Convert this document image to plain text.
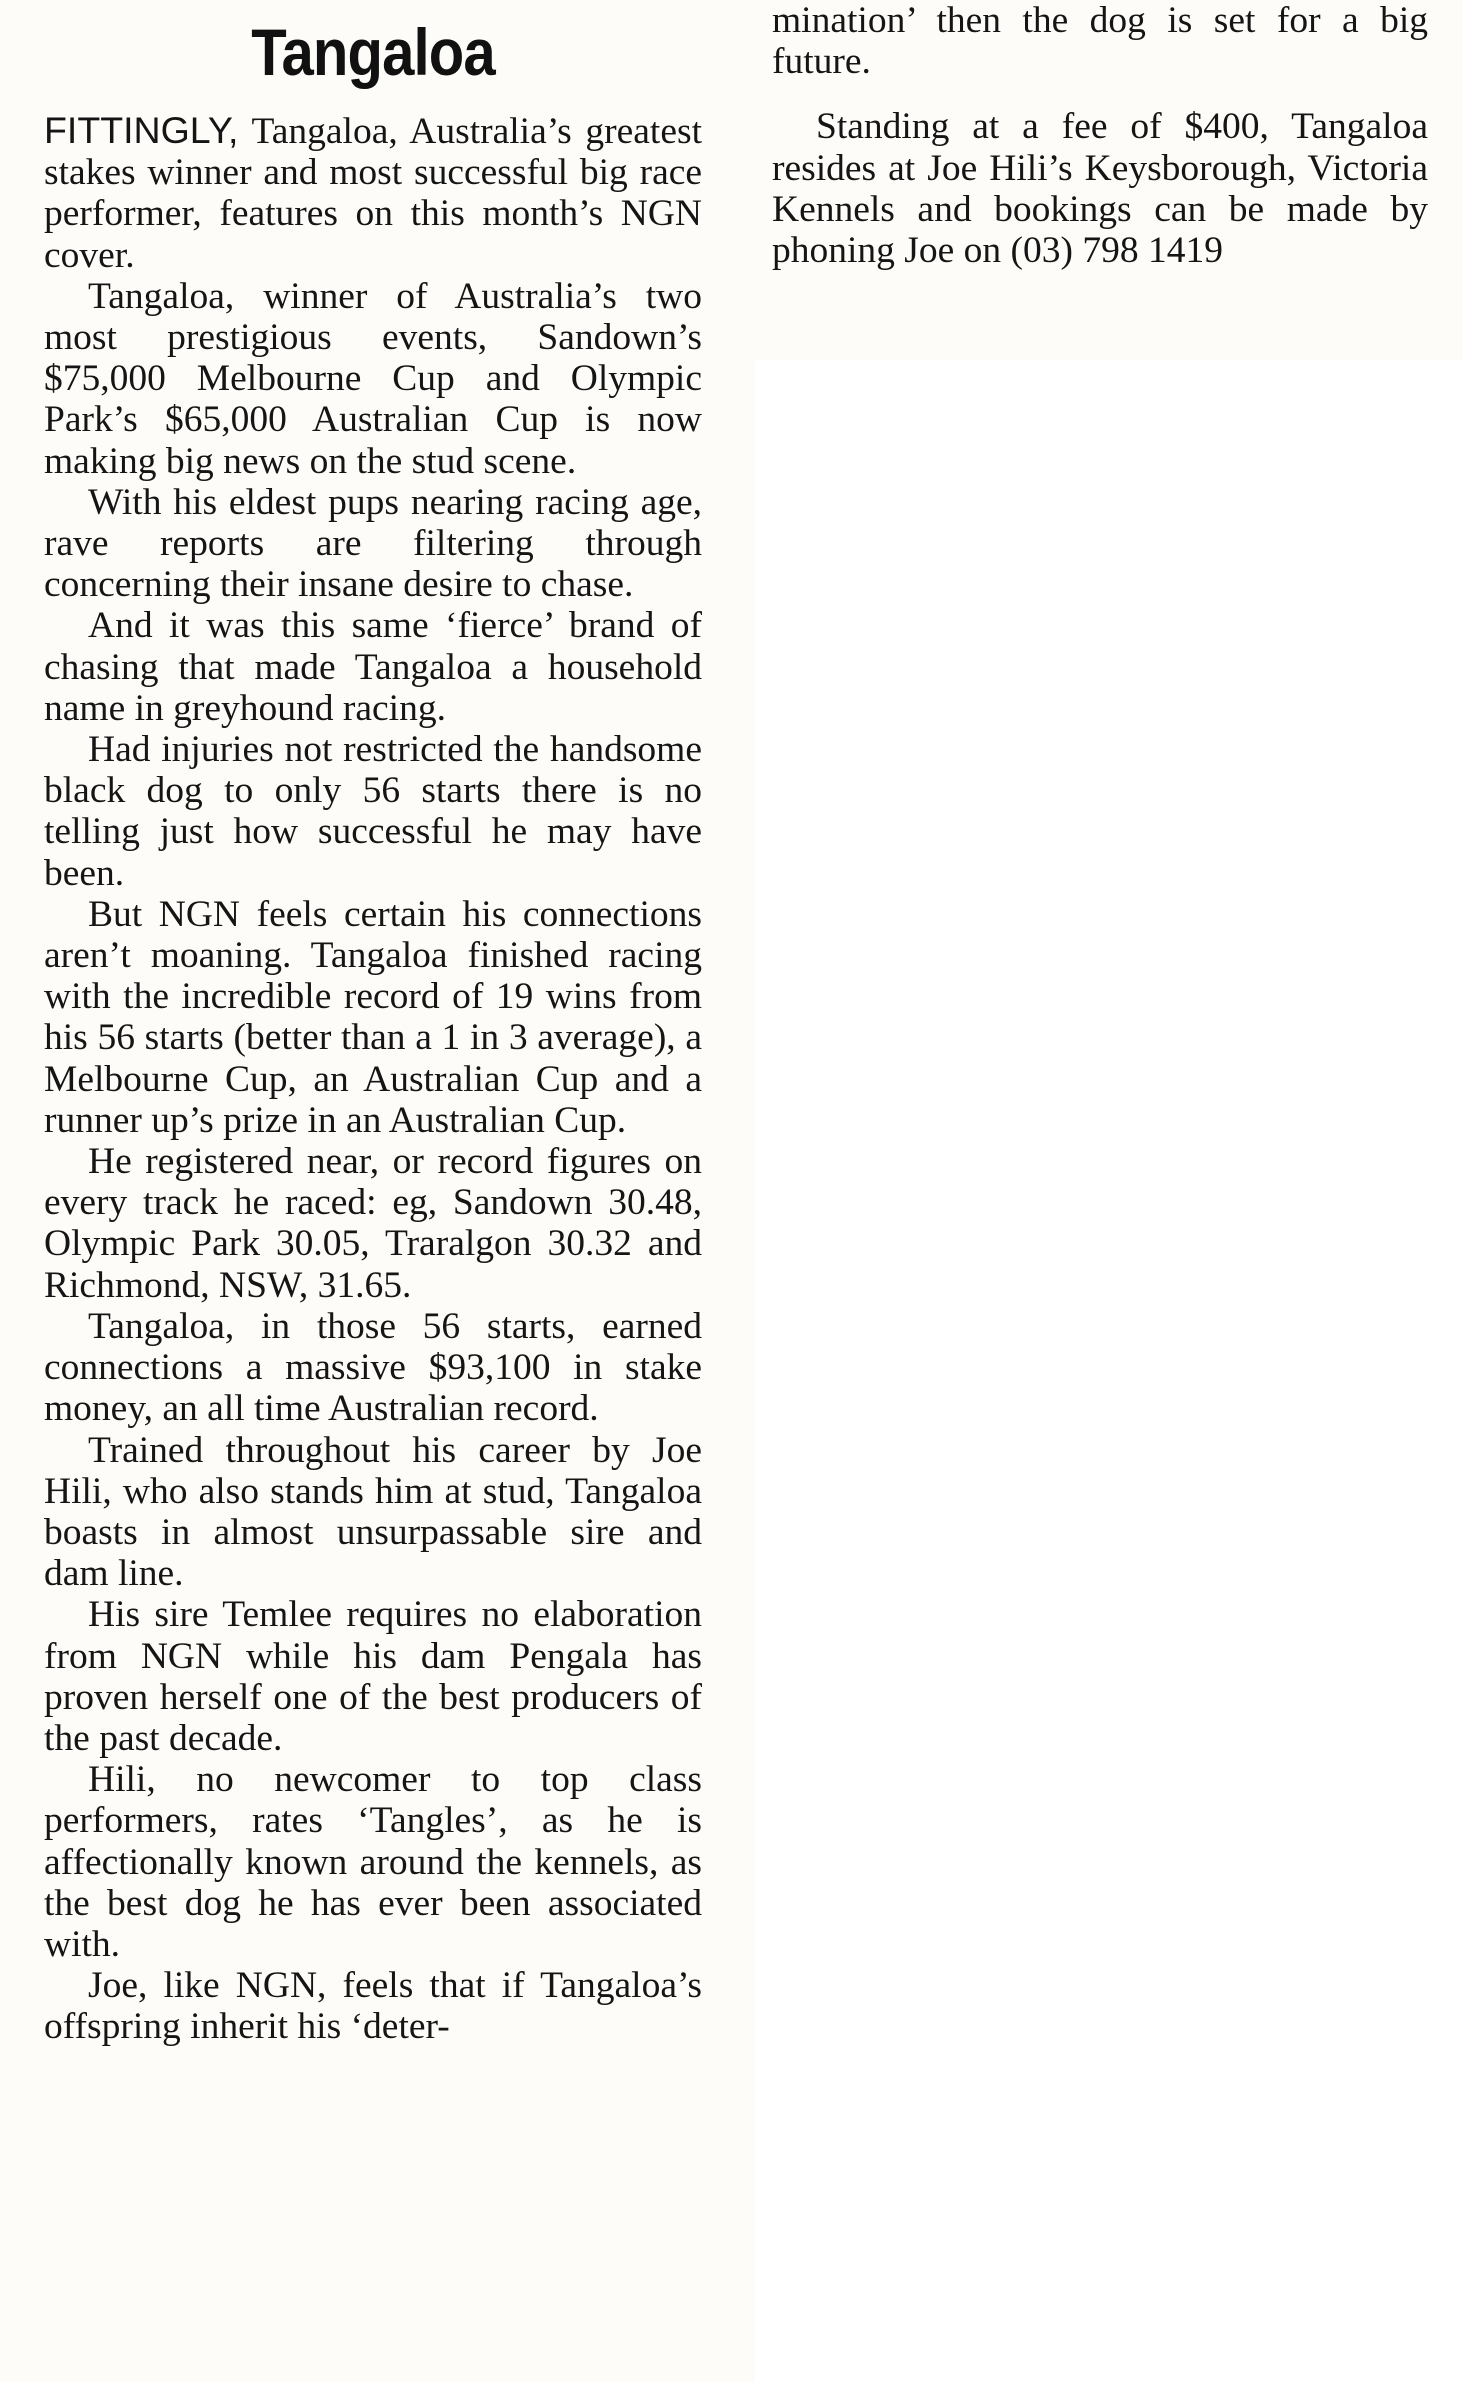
Tangaloa

FITTINGLY, Tangaloa, Australia’s greatest stakes winner and most successful big race performer, features on this month’s NGN cover.

Tangaloa, winner of Australia’s two most prestigious events, Sandown’s $75,000 Melbourne Cup and Olympic Park’s $65,000 Australian Cup is now making big news on the stud scene.

With his eldest pups nearing racing age, rave reports are filtering through concerning their insane desire to chase.

And it was this same ‘fierce’ brand of chasing that made Tangaloa a household name in greyhound racing.

Had injuries not restricted the handsome black dog to only 56 starts there is no telling just how successful he may have been.

But NGN feels certain his connections aren’t moaning. Tangaloa finished racing with the incredible record of 19 wins from his 56 starts (better than a 1 in 3 average), a Melbourne Cup, an Australian Cup and a runner up’s prize in an Australian Cup.

He registered near, or record figures on every track he raced: eg, Sandown 30.48, Olympic Park 30.05, Traralgon 30.32 and Richmond, NSW, 31.65.

Tangaloa, in those 56 starts, earned connections a massive $93,100 in stake money, an all time Australian record.

Trained throughout his career by Joe Hili, who also stands him at stud, Tangaloa boasts in almost unsurpassable sire and dam line.

His sire Temlee requires no elaboration from NGN while his dam Pengala has proven herself one of the best producers of the past decade.

Hili, no newcomer to top class performers, rates ‘Tangles’, as he is affectionally known around the kennels, as the best dog he has ever been associated with.

Joe, like NGN, feels that if Tangaloa’s offspring inherit his ‘deter-

mination’ then the dog is set for a big future.

Standing at a fee of $400, Tangaloa resides at Joe Hili’s Keysborough, Victoria Kennels and bookings can be made by phoning Joe on (03) 798 1419
